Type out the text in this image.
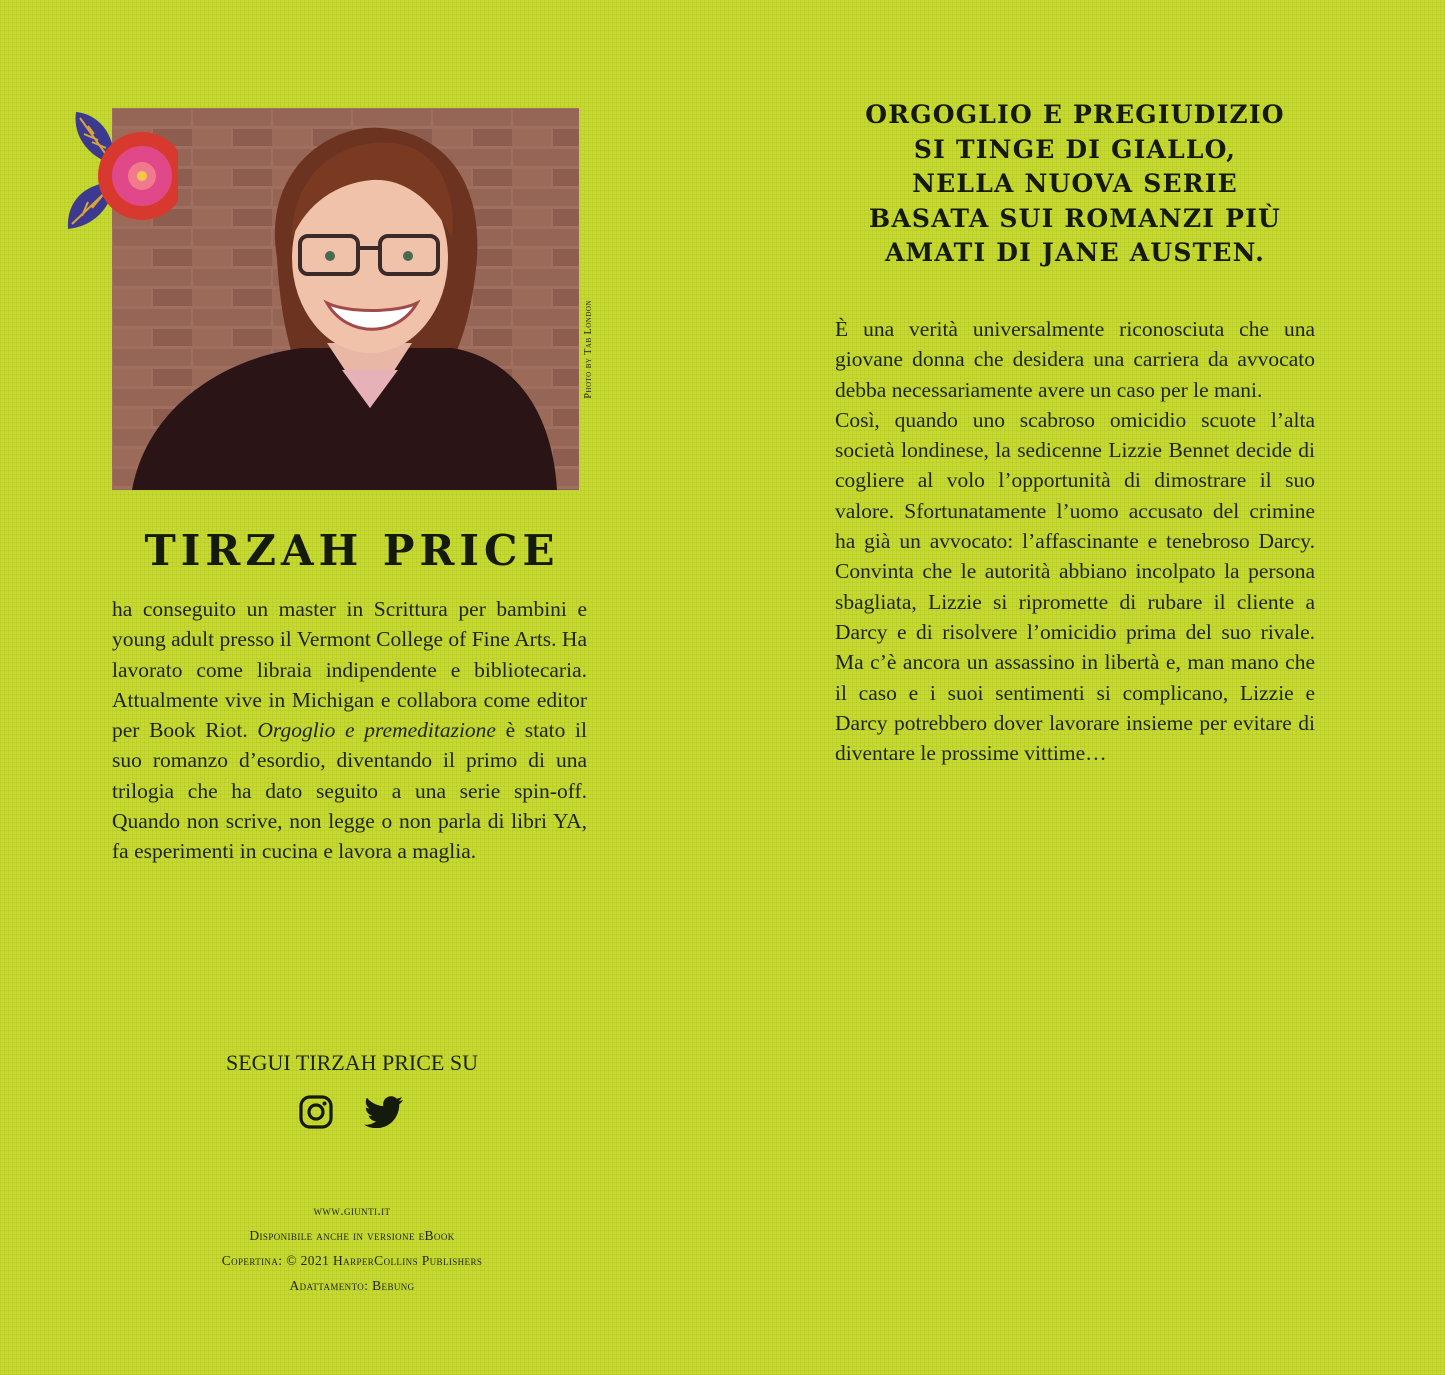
Photo by Tab London
TIRZAH PRICE
ha conseguito un master in Scrittura per bambini e young adult presso il Vermont College of Fine Arts. Ha lavorato come libraia indipendente e bibliotecaria. Attualmente vive in Michigan e collabora come editor per Book Riot. Orgoglio e premeditazione è stato il suo romanzo d’esordio, diventando il primo di una trilogia che ha dato seguito a una serie spin-off. Quando non scrive, non legge o non parla di libri YA, fa esperimenti in cucina e lavora a maglia.
SEGUI TIRZAH PRICE SU
www.giunti.it
Disponibile anche in versione eBook
Copertina: © 2021 HarperCollins Publishers
Adattamento: Bebung
ORGOGLIO E PREGIUDIZIO
SI TINGE DI GIALLO,
NELLA NUOVA SERIE
BASATA SUI ROMANZI PIÙ
AMATI DI JANE AUSTEN.

È una verità universalmente riconosciuta che una giovane donna che desidera una carriera da avvocato debba necessariamente avere un caso per le mani.

Così, quando uno scabroso omicidio scuote l’alta società londinese, la sedicenne Lizzie Bennet decide di cogliere al volo l’opportunità di dimostrare il suo valore. Sfortunatamente l’uomo accusato del crimine ha già un avvocato: l’affascinante e tenebroso Darcy. Convinta che le autorità abbiano incolpato la persona sbagliata, Lizzie si ripromette di rubare il cliente a Darcy e di risolvere l’omicidio prima del suo rivale. Ma c’è ancora un assassino in libertà e, man mano che il caso e i suoi sentimenti si complicano, Lizzie e Darcy potrebbero dover lavorare insieme per evitare di diventare le prossime vittime…
